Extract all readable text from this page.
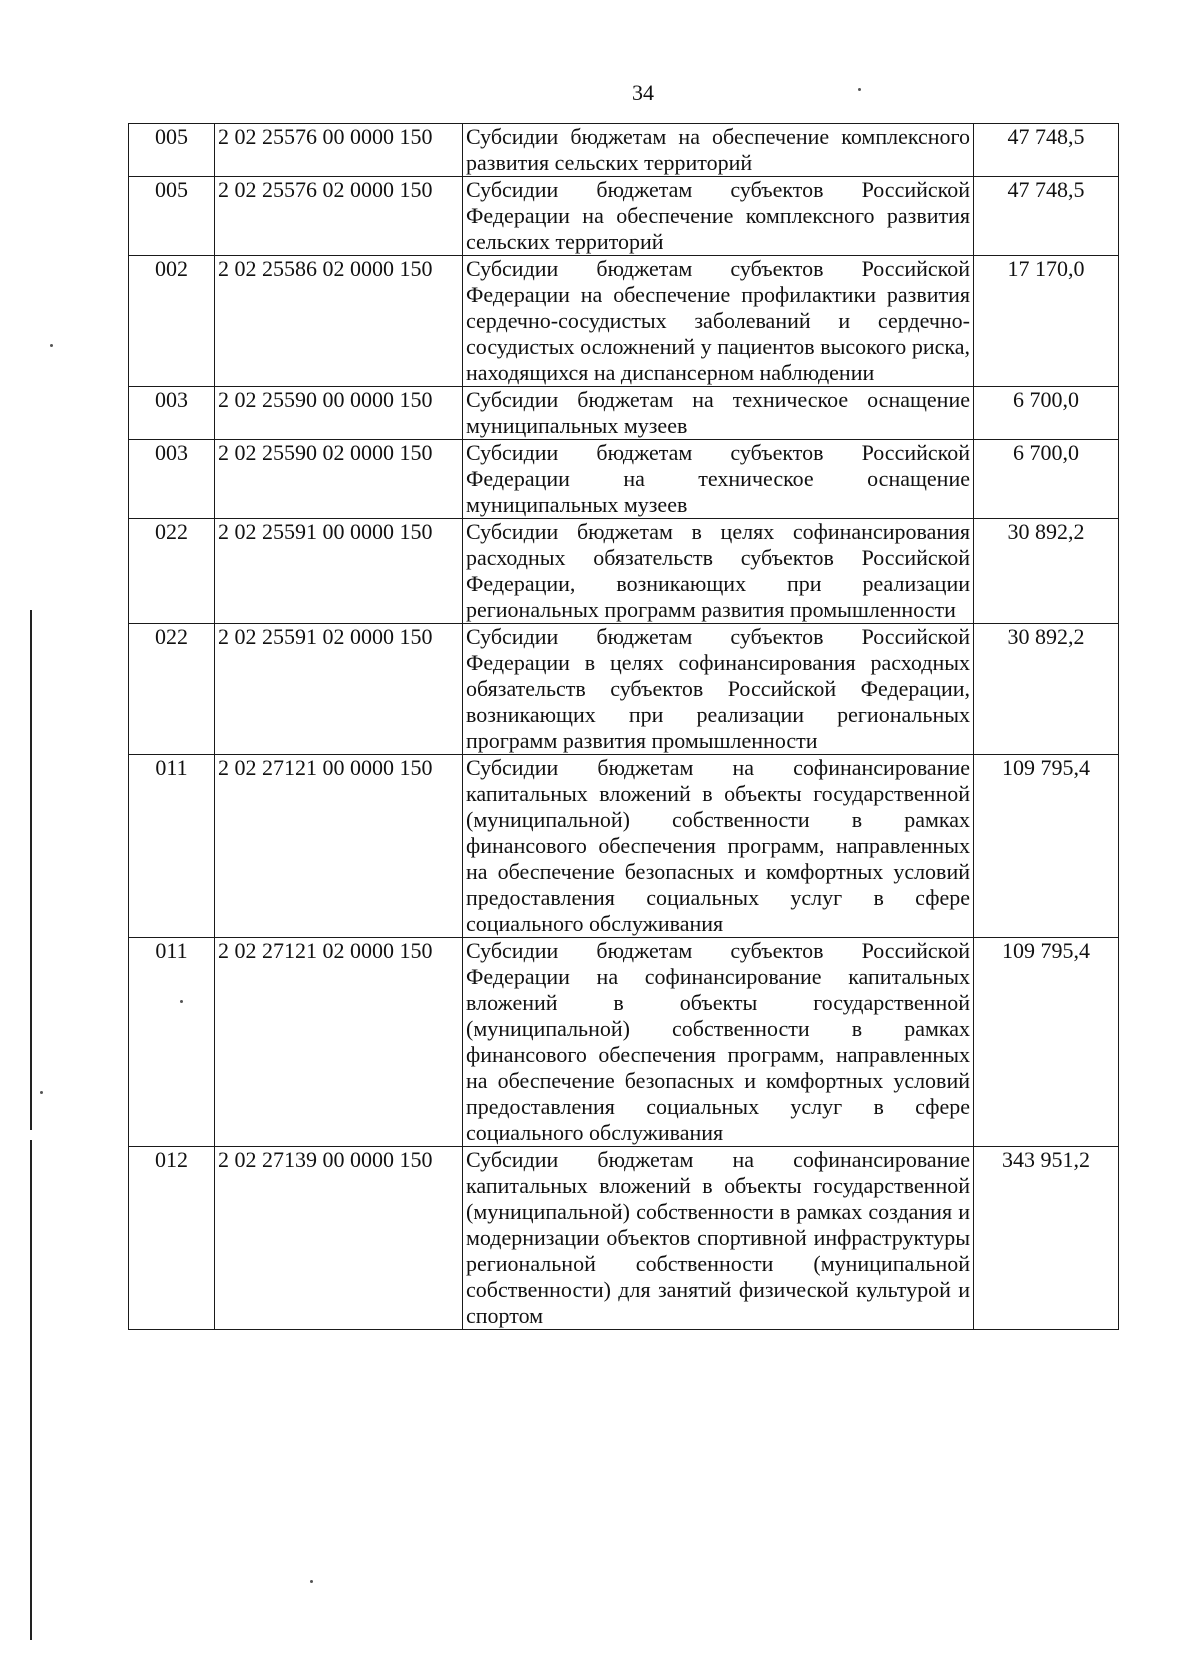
34
005	2 02 25576 00 0000 150	Субсидии бюджетам на обеспечение комплексного развития сельских территорий	47 748,5
005	2 02 25576 02 0000 150	Субсидии бюджетам субъектов Российской Федерации на обеспечение комплексного развития сельских территорий	47 748,5
002	2 02 25586 02 0000 150	Субсидии бюджетам субъектов Российской Федерации на обеспечение профилактики развития сердечно-сосудистых заболеваний и сердечно-сосудистых осложнений у пациентов высокого риска, находящихся на диспансерном наблюдении	17 170,0
003	2 02 25590 00 0000 150	Субсидии бюджетам на техническое оснащение муниципальных музеев	6 700,0
003	2 02 25590 02 0000 150	Субсидии бюджетам субъектов Российской Федерации на техническое оснащение муниципальных музеев	6 700,0
022	2 02 25591 00 0000 150	Субсидии бюджетам в целях софинансирования расходных обязательств субъектов Российской Федерации, возникающих при реализации региональных программ развития промышленности	30 892,2
022	2 02 25591 02 0000 150	Субсидии бюджетам субъектов Российской Федерации в целях софинансирования расходных обязательств субъектов Российской Федерации, возникающих при реализации региональных программ развития промышленности	30 892,2
011	2 02 27121 00 0000 150	Субсидии бюджетам на софинансирование капитальных вложений в объекты государственной (муниципальной) собственности в рамках финансового обеспечения программ, направленных на обеспечение безопасных и комфортных условий предоставления социальных услуг в сфере социального обслуживания	109 795,4
011	2 02 27121 02 0000 150	Субсидии бюджетам субъектов Российской Федерации на софинансирование капитальных вложений в объекты государственной (муниципальной) собственности в рамках финансового обеспечения программ, направленных на обеспечение безопасных и комфортных условий предоставления социальных услуг в сфере социального обслуживания	109 795,4
012	2 02 27139 00 0000 150	Субсидии бюджетам на софинансирование капитальных вложений в объекты государственной (муниципальной) собственности в рамках создания и модернизации объектов спортивной инфраструктуры региональной собственности (муниципальной собственности) для занятий физической культурой и спортом	343 951,2
